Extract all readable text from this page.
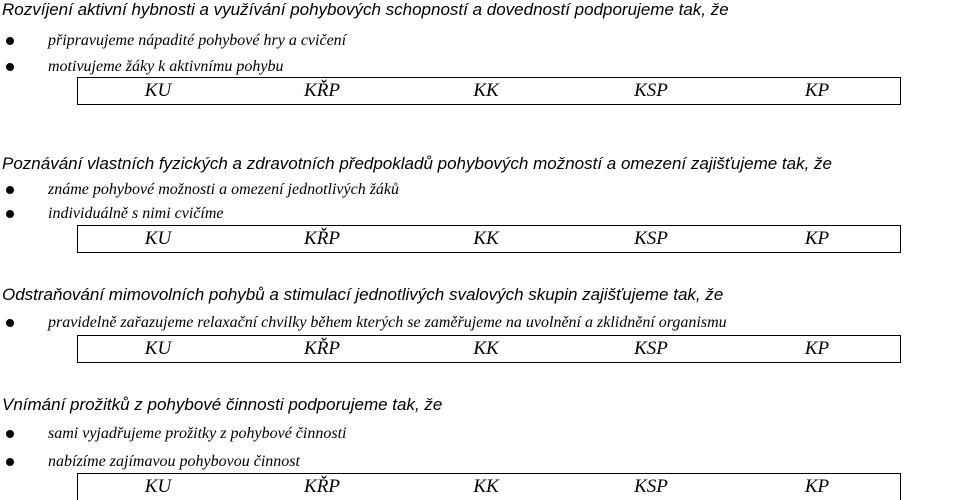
Rozvíjení aktivní hybnosti a využívání pohybových schopností a dovedností podporujeme tak, že
připravujeme nápadité pohybové hry a cvičení
motivujeme žáky k aktivnímu pohybu
KU	KŘP	KK	KSP	KP
Poznávání vlastních fyzických a zdravotních předpokladů pohybových možností a omezení zajišťujeme tak, že
známe pohybové možnosti a omezení jednotlivých žáků
individuálně s nimi cvičíme
KU	KŘP	KK	KSP	KP
Odstraňování mimovolních pohybů a stimulací jednotlivých svalových skupin zajišťujeme tak, že
pravidelně zařazujeme relaxační chvilky během kterých se zaměřujeme na uvolnění a zklidnění organismu
KU	KŘP	KK	KSP	KP
Vnímání prožitků z pohybové činnosti podporujeme tak, že
sami vyjadřujeme prožitky z pohybové činnosti
nabízíme zajímavou pohybovou činnost
KU	KŘP	KK	KSP	KP
